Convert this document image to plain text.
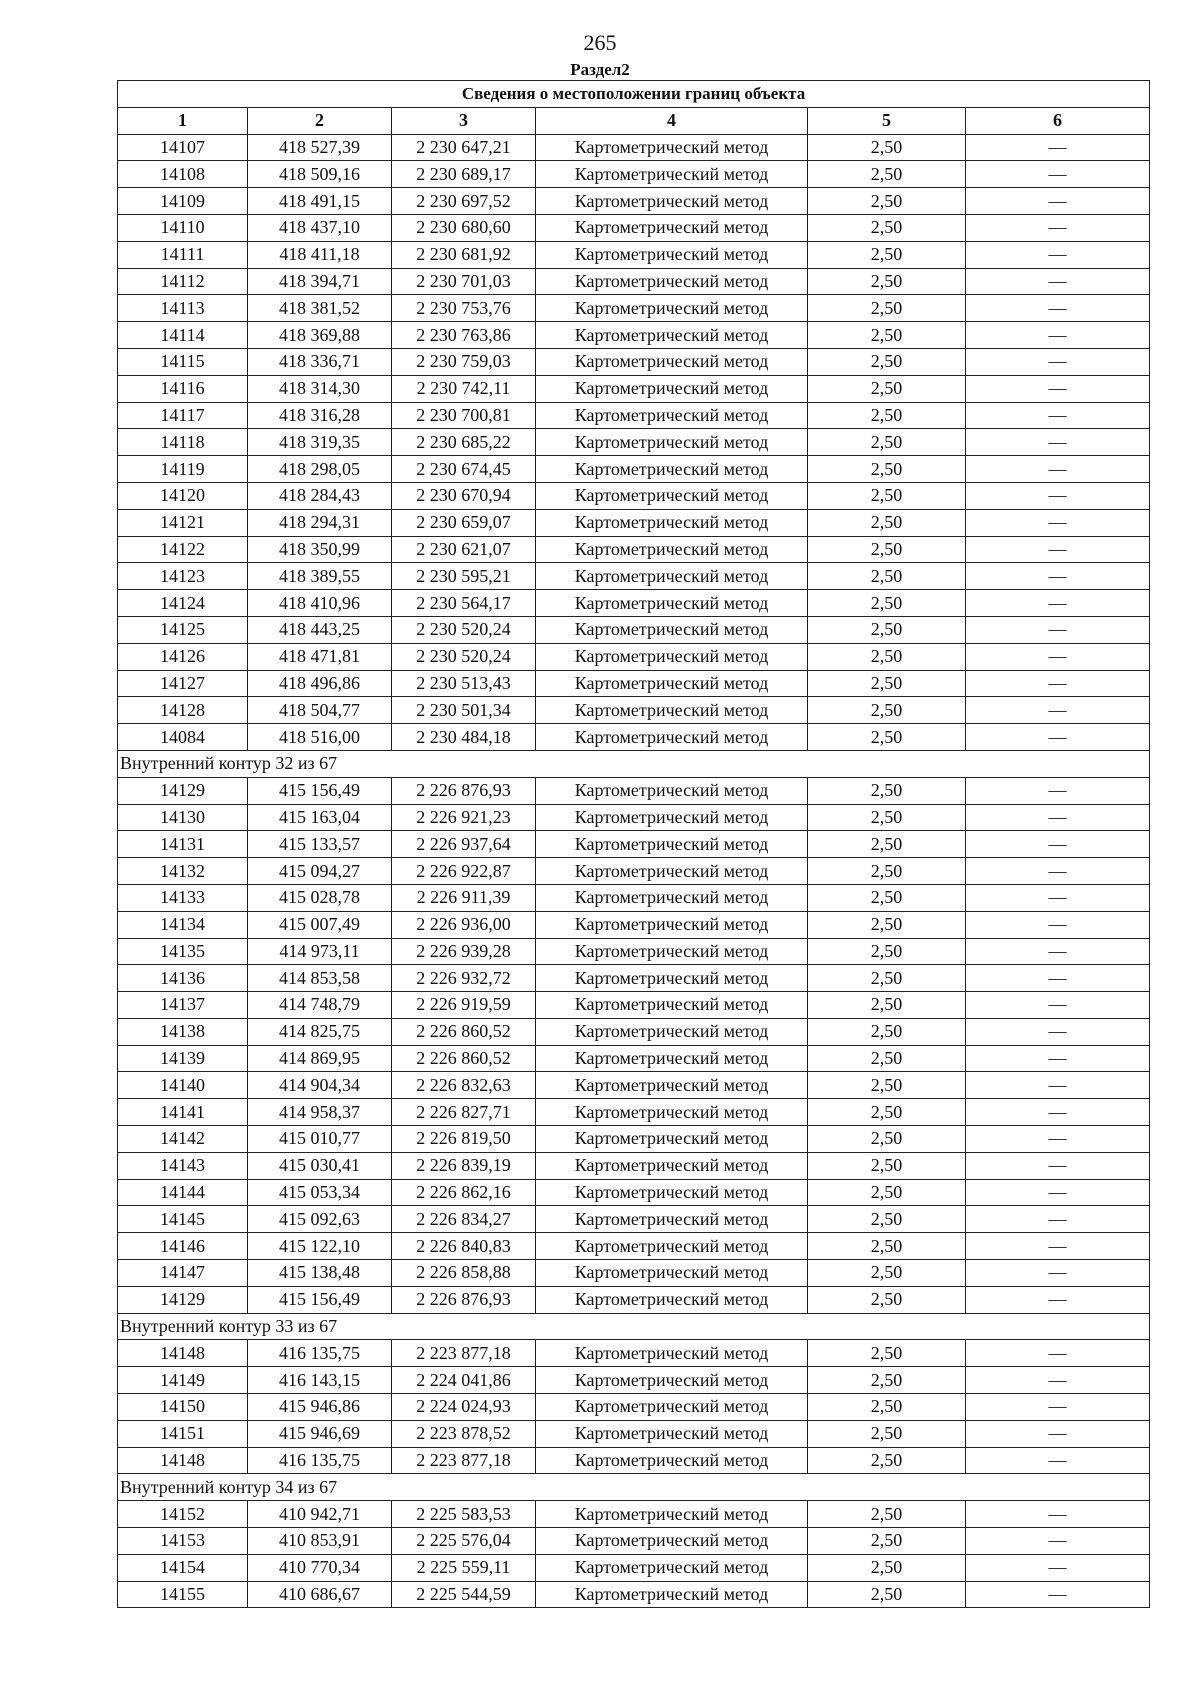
265
Раздел2
Сведения о местоположении границ объекта					
1	2	3	4	5	6
14107	418 527,39	2 230 647,21	Картометрический метод	2,50	—
14108	418 509,16	2 230 689,17	Картометрический метод	2,50	—
14109	418 491,15	2 230 697,52	Картометрический метод	2,50	—
14110	418 437,10	2 230 680,60	Картометрический метод	2,50	—
14111	418 411,18	2 230 681,92	Картометрический метод	2,50	—
14112	418 394,71	2 230 701,03	Картометрический метод	2,50	—
14113	418 381,52	2 230 753,76	Картометрический метод	2,50	—
14114	418 369,88	2 230 763,86	Картометрический метод	2,50	—
14115	418 336,71	2 230 759,03	Картометрический метод	2,50	—
14116	418 314,30	2 230 742,11	Картометрический метод	2,50	—
14117	418 316,28	2 230 700,81	Картометрический метод	2,50	—
14118	418 319,35	2 230 685,22	Картометрический метод	2,50	—
14119	418 298,05	2 230 674,45	Картометрический метод	2,50	—
14120	418 284,43	2 230 670,94	Картометрический метод	2,50	—
14121	418 294,31	2 230 659,07	Картометрический метод	2,50	—
14122	418 350,99	2 230 621,07	Картометрический метод	2,50	—
14123	418 389,55	2 230 595,21	Картометрический метод	2,50	—
14124	418 410,96	2 230 564,17	Картометрический метод	2,50	—
14125	418 443,25	2 230 520,24	Картометрический метод	2,50	—
14126	418 471,81	2 230 520,24	Картометрический метод	2,50	—
14127	418 496,86	2 230 513,43	Картометрический метод	2,50	—
14128	418 504,77	2 230 501,34	Картометрический метод	2,50	—
14084	418 516,00	2 230 484,18	Картометрический метод	2,50	—
Внутренний контур 32 из 67					
14129	415 156,49	2 226 876,93	Картометрический метод	2,50	—
14130	415 163,04	2 226 921,23	Картометрический метод	2,50	—
14131	415 133,57	2 226 937,64	Картометрический метод	2,50	—
14132	415 094,27	2 226 922,87	Картометрический метод	2,50	—
14133	415 028,78	2 226 911,39	Картометрический метод	2,50	—
14134	415 007,49	2 226 936,00	Картометрический метод	2,50	—
14135	414 973,11	2 226 939,28	Картометрический метод	2,50	—
14136	414 853,58	2 226 932,72	Картометрический метод	2,50	—
14137	414 748,79	2 226 919,59	Картометрический метод	2,50	—
14138	414 825,75	2 226 860,52	Картометрический метод	2,50	—
14139	414 869,95	2 226 860,52	Картометрический метод	2,50	—
14140	414 904,34	2 226 832,63	Картометрический метод	2,50	—
14141	414 958,37	2 226 827,71	Картометрический метод	2,50	—
14142	415 010,77	2 226 819,50	Картометрический метод	2,50	—
14143	415 030,41	2 226 839,19	Картометрический метод	2,50	—
14144	415 053,34	2 226 862,16	Картометрический метод	2,50	—
14145	415 092,63	2 226 834,27	Картометрический метод	2,50	—
14146	415 122,10	2 226 840,83	Картометрический метод	2,50	—
14147	415 138,48	2 226 858,88	Картометрический метод	2,50	—
14129	415 156,49	2 226 876,93	Картометрический метод	2,50	—
Внутренний контур 33 из 67					
14148	416 135,75	2 223 877,18	Картометрический метод	2,50	—
14149	416 143,15	2 224 041,86	Картометрический метод	2,50	—
14150	415 946,86	2 224 024,93	Картометрический метод	2,50	—
14151	415 946,69	2 223 878,52	Картометрический метод	2,50	—
14148	416 135,75	2 223 877,18	Картометрический метод	2,50	—
Внутренний контур 34 из 67					
14152	410 942,71	2 225 583,53	Картометрический метод	2,50	—
14153	410 853,91	2 225 576,04	Картометрический метод	2,50	—
14154	410 770,34	2 225 559,11	Картометрический метод	2,50	—
14155	410 686,67	2 225 544,59	Картометрический метод	2,50	—
